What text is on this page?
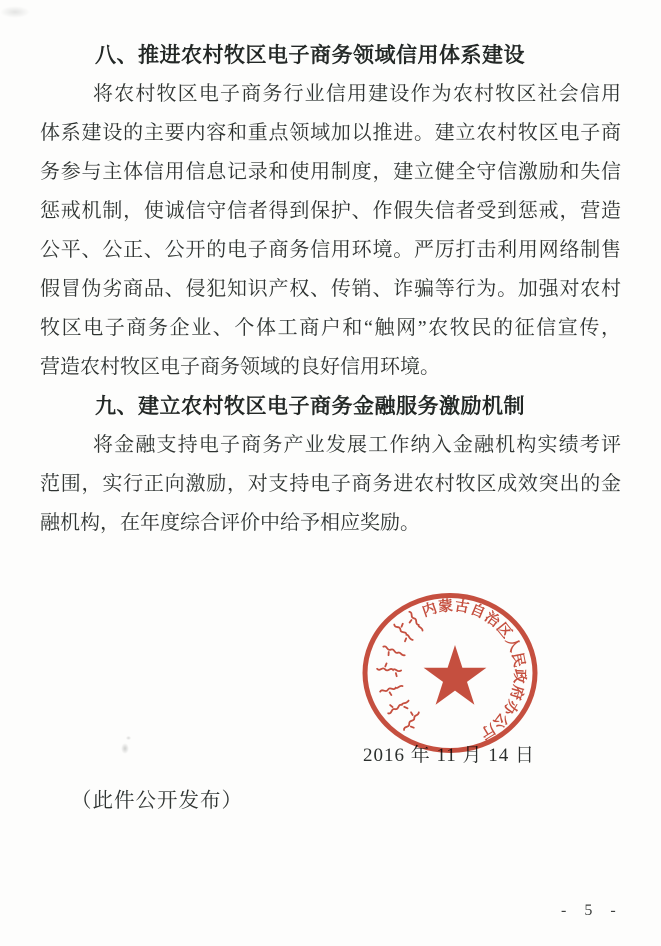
八、推进农村牧区电子商务领域信用体系建设
将农村牧区电子商务行业信用建设作为农村牧区社会信用
体系建设的主要内容和重点领域加以推进。建立农村牧区电子商
务参与主体信用信息记录和使用制度，建立健全守信激励和失信
惩戒机制，使诚信守信者得到保护、作假失信者受到惩戒，营造
公平、公正、公开的电子商务信用环境。严厉打击利用网络制售
假冒伪劣商品、侵犯知识产权、传销、诈骗等行为。加强对农村
牧区电子商务企业、个体工商户和“触网”农牧民的征信宣传，
营造农村牧区电子商务领域的良好信用环境。
九、建立农村牧区电子商务金融服务激励机制
将金融支持电子商务产业发展工作纳入金融机构实绩考评
范围，实行正向激励，对支持电子商务进农村牧区成效突出的金
融机构，在年度综合评价中给予相应奖励。
2016 年 11 月 14 日
内蒙古自治区人民政府办公厅
（此件公开发布）
- 5 -
